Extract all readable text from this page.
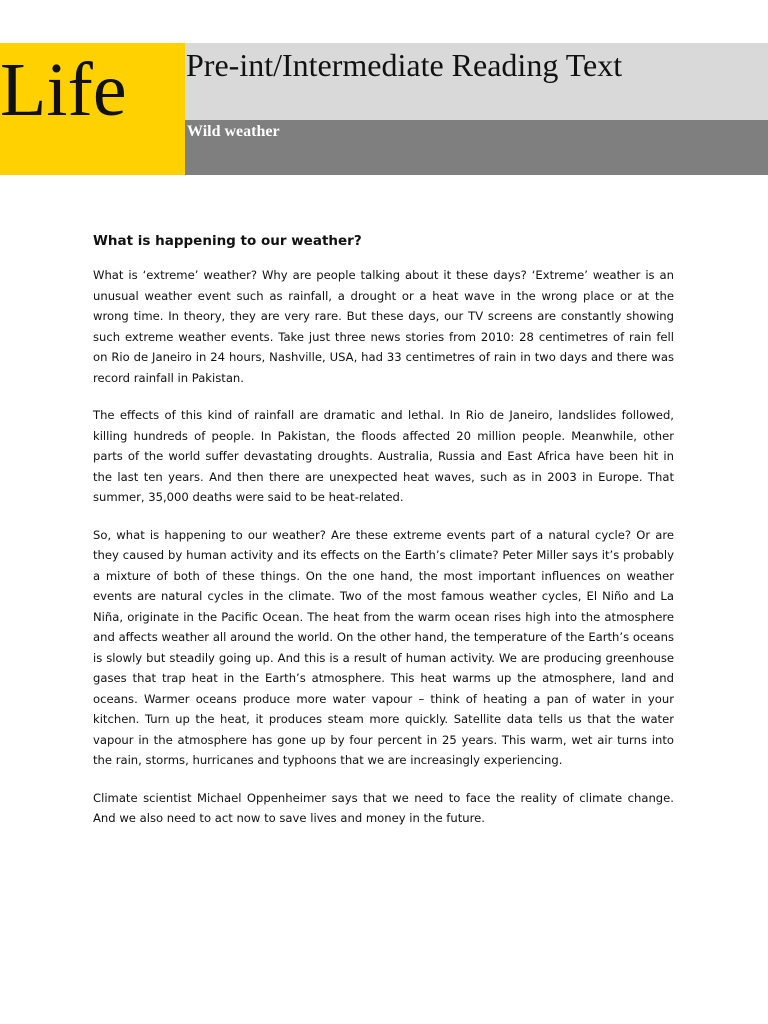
Life Pre-int/Intermediate Reading Text
Wild weather
What is happening to our weather?

What is ‘extreme’ weather? Why are people talking about it these days? ‘Extreme’ weather is an unusual weather event such as rainfall, a drought or a heat wave in the wrong place or at the wrong time. In theory, they are very rare. But these days, our TV screens are constantly showing such extreme weather events. Take just three news stories from 2010: 28 centimetres of rain fell on Rio de Janeiro in 24 hours, Nashville, USA, had 33 centimetres of rain in two days and there was record rainfall in Pakistan.

The effects of this kind of rainfall are dramatic and lethal. In Rio de Janeiro, landslides followed, killing hundreds of people. In Pakistan, the floods affected 20 million people. Meanwhile, other parts of the world suffer devastating droughts. Australia, Russia and East Africa have been hit in the last ten years. And then there are unexpected heat waves, such as in 2003 in Europe. That summer, 35,000 deaths were said to be heat-related.

So, what is happening to our weather? Are these extreme events part of a natural cycle? Or are they caused by human activity and its effects on the Earth’s climate? Peter Miller says it’s probably a mixture of both of these things. On the one hand, the most important influences on weather events are natural cycles in the climate. Two of the most famous weather cycles, El Niño and La Niña, originate in the Pacific Ocean. The heat from the warm ocean rises high into the atmosphere and affects weather all around the world. On the other hand, the temperature of the Earth’s oceans is slowly but steadily going up. And this is a result of human activity. We are producing greenhouse gases that trap heat in the Earth’s atmosphere. This heat warms up the atmosphere, land and oceans. Warmer oceans produce more water vapour – think of heating a pan of water in your kitchen. Turn up the heat, it produces steam more quickly. Satellite data tells us that the water vapour in the atmosphere has gone up by four percent in 25 years. This warm, wet air turns into the rain, storms, hurricanes and typhoons that we are increasingly experiencing.

Climate scientist Michael Oppenheimer says that we need to face the reality of climate change. And we also need to act now to save lives and money in the future.
